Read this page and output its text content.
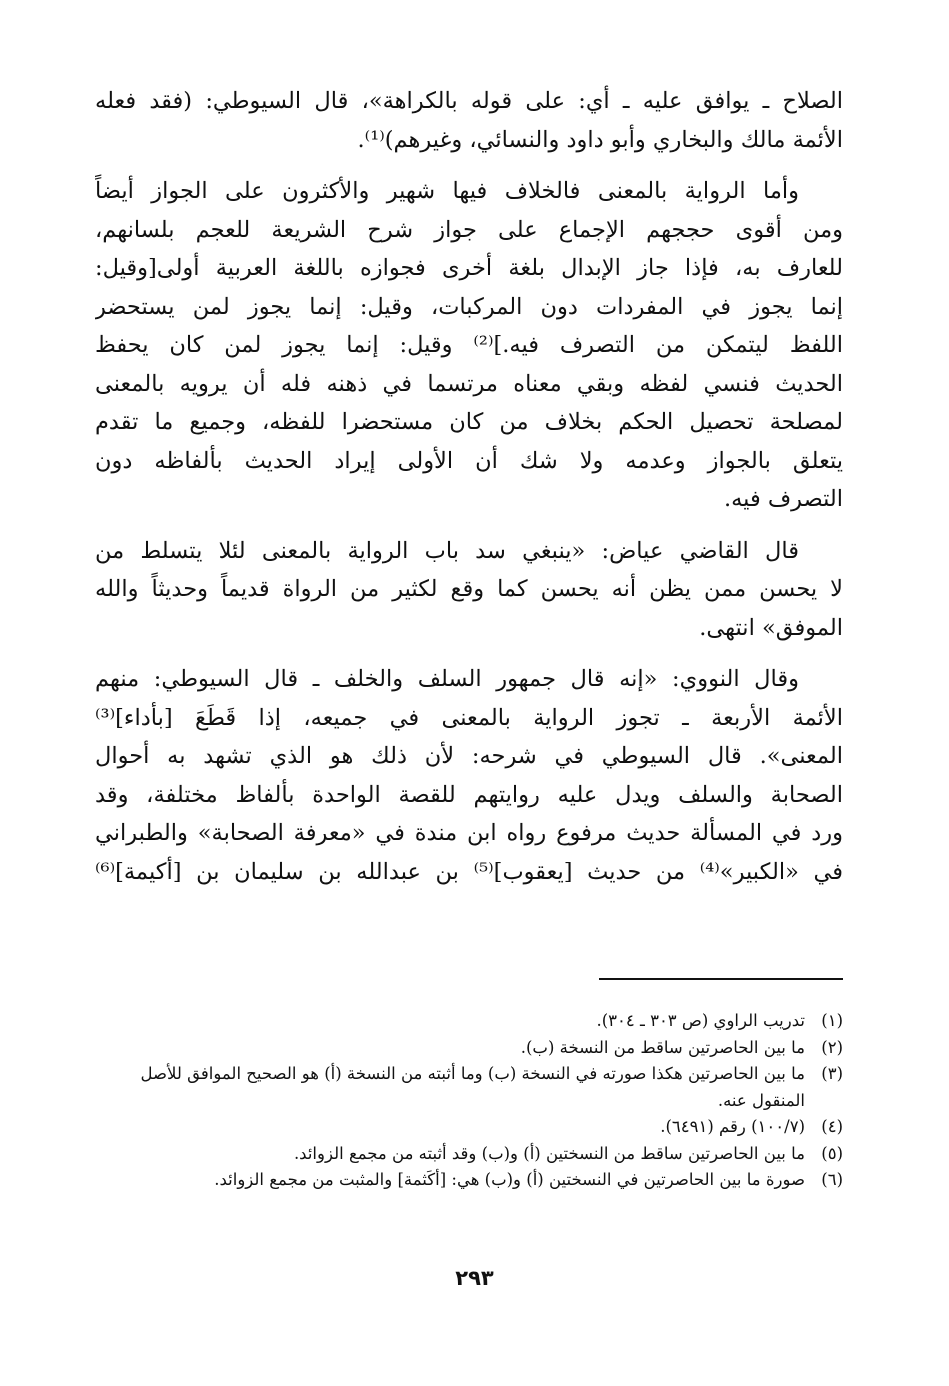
الصلاح ـ يوافق عليه ـ أي: على قوله بالكراهة»، قال السيوطي: (فقد فعله
الأئمة مالك والبخاري وأبو داود والنسائي، وغيرهم)⁽¹⁾.

وأما الرواية بالمعنى فالخلاف فيها شهير والأكثرون على الجواز أيضاً
ومن أقوى حججهم الإجماع على جواز شرح الشريعة للعجم بلسانهم،
للعارف به، فإذا جاز الإبدال بلغة أخرى فجوازه باللغة العربية أولى[وقيل:
إنما يجوز في المفردات دون المركبات، وقيل: إنما يجوز لمن يستحضر
اللفظ ليتمكن من التصرف فيه.]⁽²⁾ وقيل: إنما يجوز لمن كان يحفظ
الحديث فنسي لفظه وبقي معناه مرتسما في ذهنه فله أن يرويه بالمعنى
لمصلحة تحصيل الحكم بخلاف من كان مستحضرا للفظه، وجميع ما تقدم
يتعلق بالجواز وعدمه ولا شك أن الأولى إيراد الحديث بألفاظه دون
التصرف فيه.

قال القاضي عياض: «ينبغي سد باب الرواية بالمعنى لئلا يتسلط من
لا يحسن ممن يظن أنه يحسن كما وقع لكثير من الرواة قديماً وحديثاً والله
الموفق» انتهى.

وقال النووي: «إنه قال جمهور السلف والخلف ـ قال السيوطي: منهم
الأئمة الأربعة ـ تجوز الرواية بالمعنى في جميعه، إذا قَطَعَ [بأداء]⁽³⁾
المعنى». قال السيوطي في شرحه: لأن ذلك هو الذي تشهد به أحوال
الصحابة والسلف ويدل عليه روايتهم للقصة الواحدة بألفاظ مختلفة، وقد
ورد في المسألة حديث مرفوع رواه ابن مندة في «معرفة الصحابة» والطبراني
في «الكبير»⁽⁴⁾ من حديث [يعقوب]⁽⁵⁾ بن عبدالله بن سليمان بن [أكيمة]⁽⁶⁾

(١)
تدريب الراوي (ص ٣٠٣ ـ ٣٠٤).
(٢)
ما بين الحاصرتين ساقط من النسخة (ب).
(٣)
ما بين الحاصرتين هكذا صورته في النسخة (ب) وما أثبته من النسخة (أ) هو الصحيح الموافق للأصل المنقول عنه.
(٤)
(١٠٠/٧) رقم (٦٤٩١).
(٥)
ما بين الحاصرتين ساقط من النسختين (أ) و(ب) وقد أثبته من مجمع الزوائد.
(٦)
صورة ما بين الحاصرتين في النسختين (أ) و(ب) هي: [أكَثمة] والمثبت من مجمع الزوائد.
٢٩٣
